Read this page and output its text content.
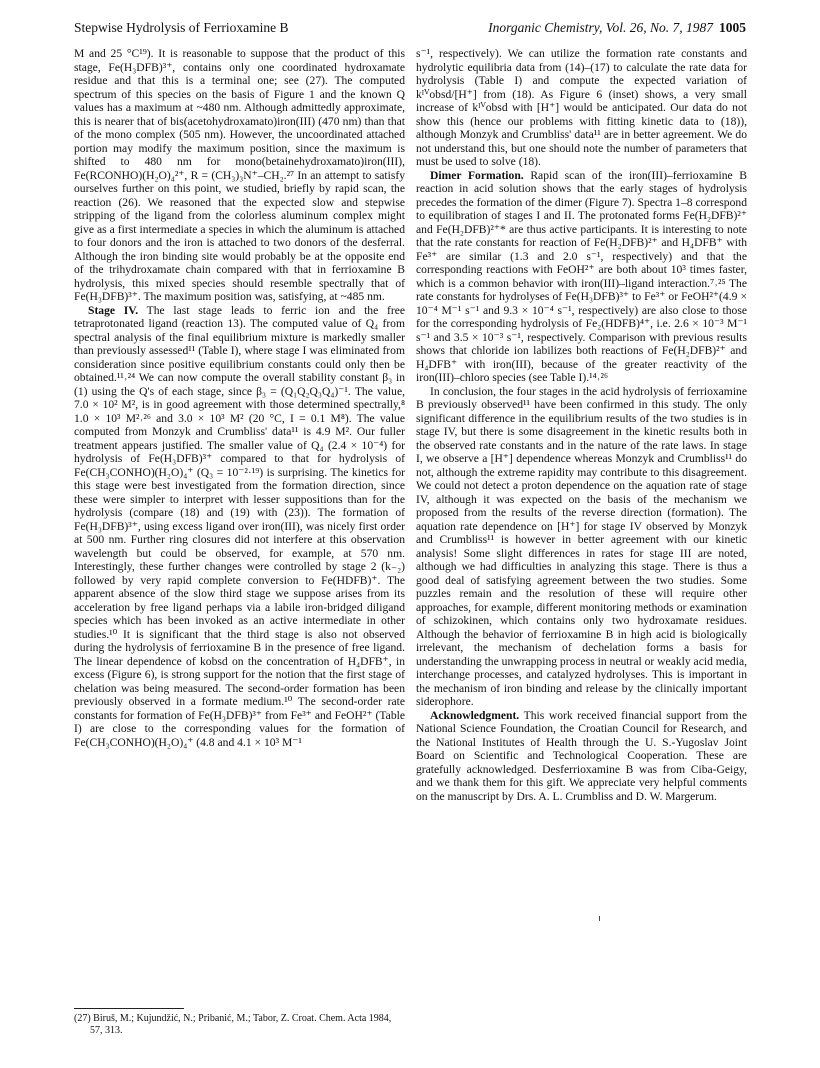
Stepwise Hydrolysis of Ferrioxamine B	Inorganic Chemistry, Vol. 26, No. 7, 1987 1005

M and 25 °C¹⁹). It is reasonable to suppose that the product of this stage, Fe(H₃DFB)³⁺, contains only one coordinated hydroxamate residue and that this is a terminal one; see (27). The computed spectrum of this species on the basis of Figure 1 and the known Q values has a maximum at ~480 nm. Although admittedly approximate, this is nearer that of bis(acetohydroxamato)iron(III) (470 nm) than that of the mono complex (505 nm). However, the uncoordinated attached portion may modify the maximum position, since the maximum is shifted to 480 nm for mono(betainehydroxamato)iron(III), Fe(RCONHO)(H₂O)₄²⁺, R = (CH₃)₃N⁺–CH₂.²⁷ In an attempt to satisfy ourselves further on this point, we studied, briefly by rapid scan, the reaction (26). We reasoned that the expected slow and stepwise stripping of the ligand from the colorless aluminum complex might give as a first intermediate a species in which the aluminum is attached to four donors and the iron is attached to two donors of the desferral. Although the iron binding site would probably be at the opposite end of the trihydroxamate chain compared with that in ferrioxamine B hydrolysis, this mixed species should resemble spectrally that of Fe(H₃DFB)³⁺. The maximum position was, satisfying, at ~485 nm.

Stage IV. The last stage leads to ferric ion and the free tetraprotonated ligand (reaction 13). The computed value of Q₄ from spectral analysis of the final equilibrium mixture is markedly smaller than previously assessed¹¹ (Table I), where stage I was eliminated from consideration since positive equilibrium constants could only then be obtained.¹¹˒²⁴ We can now compute the overall stability constant β₃ in (1) using the Q's of each stage, since β₃ = (Q₁Q₂Q₃Q₄)⁻¹. The value, 7.0 × 10² M², is in good agreement with those determined spectrally,⁸ 1.0 × 10³ M²˒²⁶ and 3.0 × 10³ M² (20 °C, I = 0.1 M⁸). The value computed from Monzyk and Crumbliss' data¹¹ is 4.9 M². Our fuller treatment appears justified. The smaller value of Q₄ (2.4 × 10⁻⁴) for hydrolysis of Fe(H₃DFB)³⁺ compared to that for hydrolysis of Fe(CH₃CONHO)(H₂O)₄⁺ (Q₃ = 10⁻²·¹⁹) is surprising. The kinetics for this stage were best investigated from the formation direction, since these were simpler to interpret with lesser suppositions than for the hydrolysis (compare (18) and (19) with (23)). The formation of Fe(H₃DFB)³⁺, using excess ligand over iron(III), was nicely first order at 500 nm. Further ring closures did not interfere at this observation wavelength but could be observed, for example, at 570 nm. Interestingly, these further changes were controlled by stage 2 (k₋₂) followed by very rapid complete conversion to Fe(HDFB)⁺. The apparent absence of the slow third stage we suppose arises from its acceleration by free ligand perhaps via a labile iron-bridged diligand species which has been invoked as an active intermediate in other studies.¹⁰ It is significant that the third stage is also not observed during the hydrolysis of ferrioxamine B in the presence of free ligand. The linear dependence of kobsd on the concentration of H₄DFB⁺, in excess (Figure 6), is strong support for the notion that the first stage of chelation was being measured. The second-order formation has been previously observed in a formate medium.¹⁰ The second-order rate constants for formation of Fe(H₃DFB)³⁺ from Fe³⁺ and FeOH²⁺ (Table I) are close to the corresponding values for the formation of Fe(CH₃CONHO)(H₂O)₄⁺ (4.8 and 4.1 × 10³ M⁻¹

s⁻¹, respectively). We can utilize the formation rate constants and hydrolytic equilibria data from (14)–(17) to calculate the rate data for hydrolysis (Table I) and compute the expected variation of kᴵⱽobsd/[H⁺] from (18). As Figure 6 (inset) shows, a very small increase of kᴵⱽobsd with [H⁺] would be anticipated. Our data do not show this (hence our problems with fitting kinetic data to (18)), although Monzyk and Crumbliss' data¹¹ are in better agreement. We do not understand this, but one should note the number of parameters that must be used to solve (18).

Dimer Formation. Rapid scan of the iron(III)–ferrioxamine B reaction in acid solution shows that the early stages of hydrolysis precedes the formation of the dimer (Figure 7). Spectra 1–8 correspond to equilibration of stages I and II. The protonated forms Fe(H₂DFB)²⁺ and Fe(H₂DFB)²⁺* are thus active participants. It is interesting to note that the rate constants for reaction of Fe(H₂DFB)²⁺ and H₄DFB⁺ with Fe³⁺ are similar (1.3 and 2.0 s⁻¹, respectively) and that the corresponding reactions with FeOH²⁺ are both about 10³ times faster, which is a common behavior with iron(III)–ligand interaction.⁷˒²⁵ The rate constants for hydrolyses of Fe(H₃DFB)³⁺ to Fe³⁺ or FeOH²⁺(4.9 × 10⁻⁴ M⁻¹ s⁻¹ and 9.3 × 10⁻⁴ s⁻¹, respectively) are also close to those for the corresponding hydrolysis of Fe₂(HDFB)⁴⁺, i.e. 2.6 × 10⁻³ M⁻¹ s⁻¹ and 3.5 × 10⁻³ s⁻¹, respectively. Comparison with previous results shows that chloride ion labilizes both reactions of Fe(H₂DFB)²⁺ and H₄DFB⁺ with iron(III), because of the greater reactivity of the iron(III)–chloro species (see Table I).¹⁴˒²⁶

In conclusion, the four stages in the acid hydrolysis of ferrioxamine B previously observed¹¹ have been confirmed in this study. The only significant difference in the equilibrium results of the two studies is in stage IV, but there is some disagreement in the kinetic results both in the observed rate constants and in the nature of the rate laws. In stage I, we observe a [H⁺] dependence whereas Monzyk and Crumbliss¹¹ do not, although the extreme rapidity may contribute to this disagreement. We could not detect a proton dependence on the aquation rate of stage IV, although it was expected on the basis of the mechanism we proposed from the results of the reverse direction (formation). The aquation rate dependence on [H⁺] for stage IV observed by Monzyk and Crumbliss¹¹ is however in better agreement with our kinetic analysis! Some slight differences in rates for stage III are noted, although we had difficulties in analyzing this stage. There is thus a good deal of satisfying agreement between the two studies. Some puzzles remain and the resolution of these will require other approaches, for example, different monitoring methods or examination of schizokinen, which contains only two hydroxamate residues. Although the behavior of ferrioxamine B in high acid is biologically irrelevant, the mechanism of dechelation forms a basis for understanding the unwrapping process in neutral or weakly acid media, interchange processes, and catalyzed hydrolyses. This is important in the mechanism of iron binding and release by the clinically important siderophore.

Acknowledgment. This work received financial support from the National Science Foundation, the Croatian Council for Research, and the National Institutes of Health through the U. S.-Yugoslav Joint Board on Scientific and Technological Cooperation. These are gratefully acknowledged. Desferrioxamine B was from Ciba-Geigy, and we thank them for this gift. We appreciate very helpful comments on the manuscript by Drs. A. L. Crumbliss and D. W. Margerum.

(27) Biruš, M.; Kujundžić, N.; Pribanić, M.; Tabor, Z. Croat. Chem. Acta 1984, 57, 313.
